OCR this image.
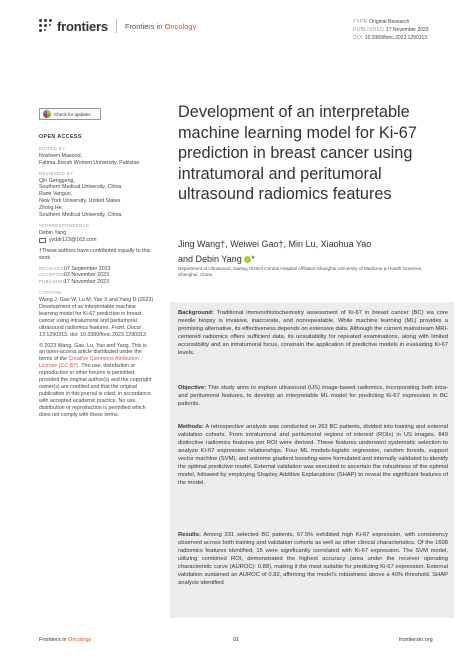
frontiers Frontiers in Oncology	TYPE Original Research
PUBLISHED 17 November 2023
DOI 10.3389/fonc.2023.1290313
Check for updates
OPEN ACCESS
EDITED BY
Nosheen Masood,
Fatima Jinnah Women University, Pakistan
REVIEWED BY
Qin Genggeng,
Southern Medical University, China
Rami Vanguri,
New York University, United States
Zilong He,
Southern Medical University, China
*CORRESPONDENCE
Debin Yang
yyddr123@163.com
†These authors have contributed equally to this work
RECEIVED 07 September 2023
ACCEPTED 02 November 2023
PUBLISHED
17 November 2023
CITATION
Wang J, Gao W, Lu M, Yao X and Yang D (2023) Development of an interpretable machine learning model for Ki-67 prediction in breast cancer using intratumoral and peritumoral ultrasound radiomics features. Front. Oncol. 13:1290313. doi: 10.3389/fonc.2023.1290313
© 2023 Wang, Gao, Lu, Yao and Yang. This is an open-access article distributed under the terms of the Creative Commons Attribution License (CC BY). The use, distribution or reproduction in other forums is permitted, provided the original author(s) and the copyright owner(s) are credited and that the original publication in this journal is cited, in accordance with accepted academic practice. No use, distribution or reproduction is permitted which does not comply with these terms.
Development of an interpretable machine learning model for Ki-67 prediction in breast cancer using intratumoral and peritumoral ultrasound radiomics features
Jing Wang†, Weiwei Gao†, Min Lu, Xiaohua Yao
and Debin Yang *
Department of Ultrasound, Jiading District Central Hospital Affiliated Shanghai University of Medicine & Health Sciences, Shanghai, China

Background: Traditional immunohistochemistry assessment of Ki-67 in breast cancer (BC) via core needle biopsy is invasive, inaccurate, and nonrepeatable. While machine learning (ML) provides a promising alternative, its effectiveness depends on extensive data. Although the current mainstream MRI-centered radiomics offers sufficient data, its unsuitability for repeated examinations, along with limited accessibility and an intratumoral focus, constrain the application of predictive models in evaluating Ki-67 levels.

Objective: This study aims to explore ultrasound (US) image-based radiomics, incorporating both intra- and peritumoral features, to develop an interpretable ML model for predicting Ki-67 expression in BC patients.

Methods: A retrospective analysis was conducted on 263 BC patients, divided into training and external validation cohorts. From intratumoral and peritumoral regions of interest (ROIs) in US images, 849 distinctive radiomics features per ROI were derived. These features underwent systematic selection to analyze Ki-67 expression relationships. Four ML models-logistic regression, random forests, support vector machine (SVM), and extreme gradient boosting-were formulated and internally validated to identify the optimal predictive model. External validation was executed to ascertain the robustness of the optimal model, followed by employing Shapley Additive Explanations (SHAP) to reveal the significant features of the model.

Results: Among 231 selected BC patients, 67.5% exhibited high Ki-67 expression, with consistency observed across both training and validation cohorts as well as other clinical characteristics. Of the 1698 radiomics features identified, 15 were significantly correlated with Ki-67 expression. The SVM model, utilizing combined ROI, demonstrated the highest accuracy (area under the receiver operating characteristic curve (AUROC): 0.88), making it the most suitable for predicting Ki-67 expression. External validation sustained an AUROC of 0.82, affirming the model's robustness above a 40% threshold. SHAP analysis identified

Frontiers in Oncology	01	frontiersin.org
